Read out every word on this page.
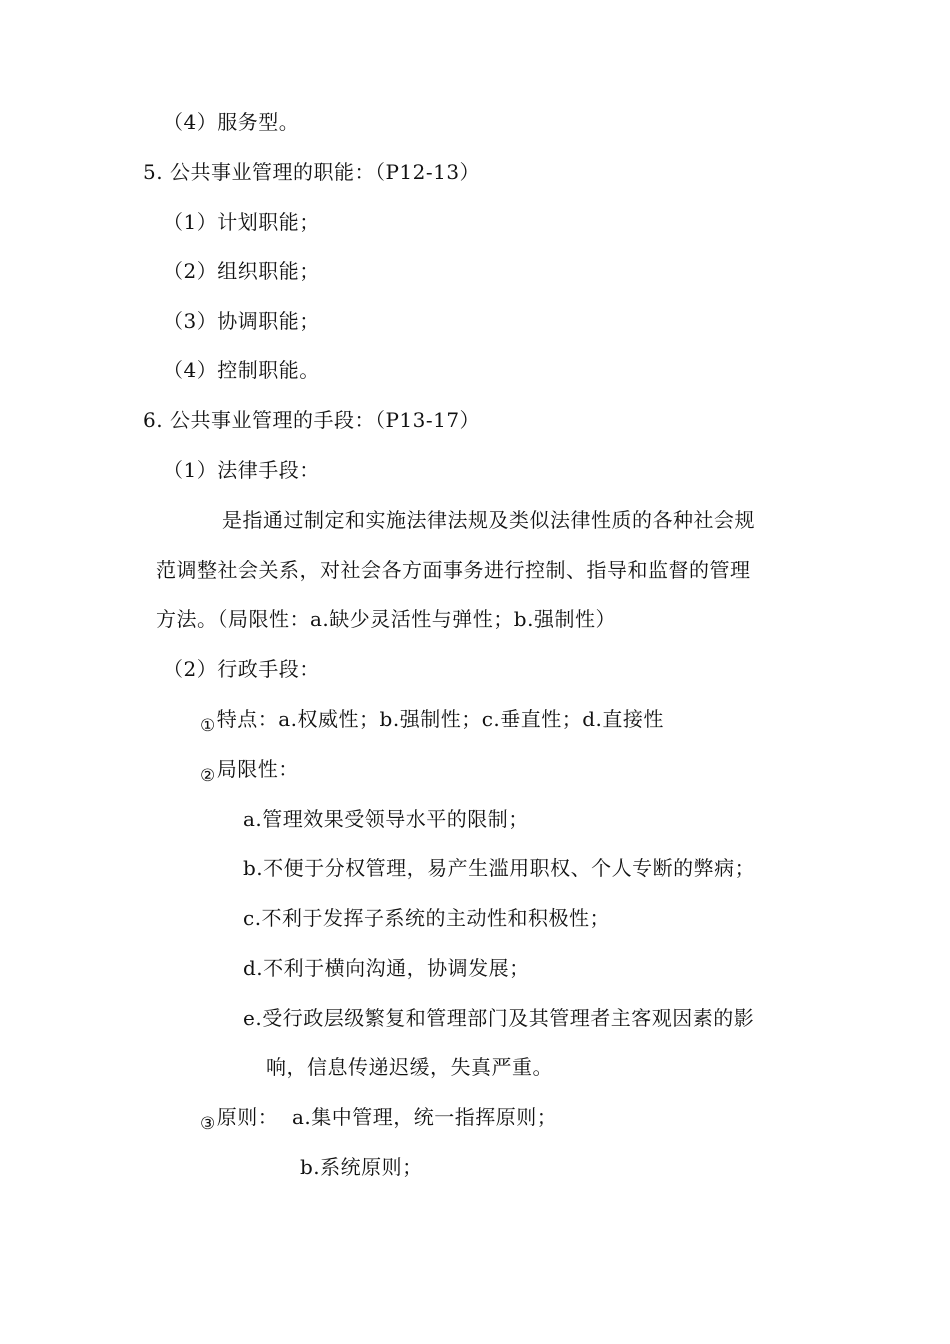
（4）服务型。
5. 公共事业管理的职能：（P12-13）
（1）计划职能；
（2）组织职能；
（3）协调职能；
（4）控制职能。
6. 公共事业管理的手段：（P13-17）
（1）法律手段：
是指通过制定和实施法律法规及类似法律性质的各种社会规
范调整社会关系，对社会各方面事务进行控制、指导和监督的管理
方法。（局限性：a.缺少灵活性与弹性；b.强制性）
（2）行政手段：
①特点：a.权威性；b.强制性；c.垂直性；d.直接性
②局限性：
a.管理效果受领导水平的限制；
b.不便于分权管理，易产生滥用职权、个人专断的弊病；
c.不利于发挥子系统的主动性和积极性；
d.不利于横向沟通，协调发展；
e.受行政层级繁复和管理部门及其管理者主客观因素的影
响，信息传递迟缓，失真严重。
③原则：  a.集中管理，统一指挥原则；
b.系统原则；
